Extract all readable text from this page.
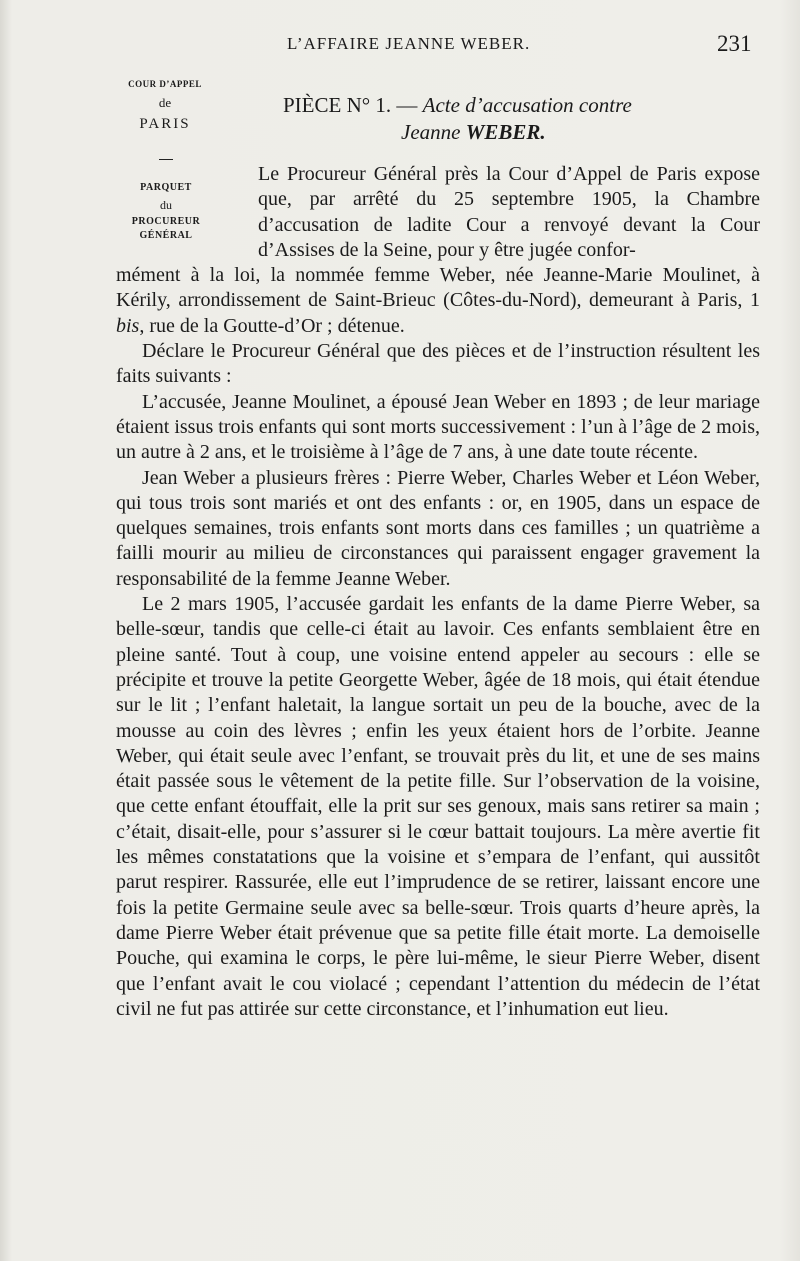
L’AFFAIRE JEANNE WEBER.	231
COUR D’APPEL
de
PARIS
PARQUET
du
PROCUREUR GÉNÉRAL
PIÈCE N° 1. — Acte d’accusation contre
Jeanne WEBER.

Le Procureur Général près la Cour d’Appel de Paris expose que, par arrêté du 25 septembre 1905, la Chambre d’accusation de ladite Cour a renvoyé devant la Cour d’Assises de la Seine, pour y être jugée confor-

mément à la loi, la nommée femme Weber, née Jeanne-Marie Moulinet, à Kérily, arrondissement de Saint-Brieuc (Côtes-du-Nord), demeurant à Paris, 1 bis, rue de la Goutte-d’Or ; détenue.

Déclare le Procureur Général que des pièces et de l’instruction résultent les faits suivants :

L’accusée, Jeanne Moulinet, a épousé Jean Weber en 1893 ; de leur mariage étaient issus trois enfants qui sont morts successivement : l’un à l’âge de 2 mois, un autre à 2 ans, et le troisième à l’âge de 7 ans, à une date toute récente.

Jean Weber a plusieurs frères : Pierre Weber, Charles Weber et Léon Weber, qui tous trois sont mariés et ont des enfants : or, en 1905, dans un espace de quelques semaines, trois enfants sont morts dans ces familles ; un quatrième a failli mourir au milieu de circonstances qui paraissent engager gravement la responsabilité de la femme Jeanne Weber.

Le 2 mars 1905, l’accusée gardait les enfants de la dame Pierre Weber, sa belle-sœur, tandis que celle-ci était au lavoir. Ces enfants semblaient être en pleine santé. Tout à coup, une voisine entend appeler au secours : elle se précipite et trouve la petite Georgette Weber, âgée de 18 mois, qui était étendue sur le lit ; l’enfant haletait, la langue sortait un peu de la bouche, avec de la mousse au coin des lèvres ; enfin les yeux étaient hors de l’orbite. Jeanne Weber, qui était seule avec l’enfant, se trouvait près du lit, et une de ses mains était passée sous le vêtement de la petite fille. Sur l’observation de la voisine, que cette enfant étouffait, elle la prit sur ses genoux, mais sans retirer sa main ; c’était, disait-elle, pour s’assurer si le cœur battait toujours. La mère avertie fit les mêmes constatations que la voisine et s’empara de l’enfant, qui aussitôt parut respirer. Rassurée, elle eut l’imprudence de se retirer, laissant encore une fois la petite Germaine seule avec sa belle-sœur. Trois quarts d’heure après, la dame Pierre Weber était prévenue que sa petite fille était morte. La demoiselle Pouche, qui examina le corps, le père lui-même, le sieur Pierre Weber, disent que l’enfant avait le cou violacé ; cependant l’attention du médecin de l’état civil ne fut pas attirée sur cette circonstance, et l’inhumation eut lieu.
